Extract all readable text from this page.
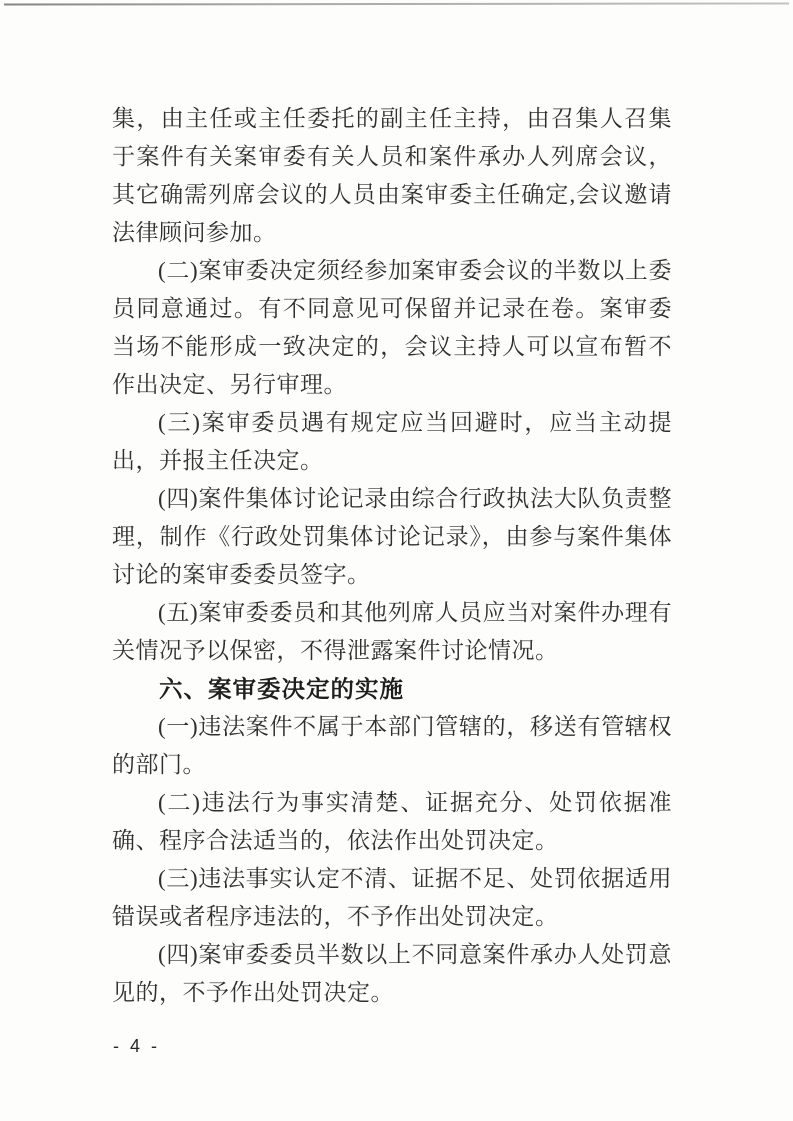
集，由主任或主任委托的副主任主持，由召集人召集于案件有关案审委有关人员和案件承办人列席会议，其它确需列席会议的人员由案审委主任确定,会议邀请法律顾问参加。

(二)案审委决定须经参加案审委会议的半数以上委员同意通过。有不同意见可保留并记录在卷。案审委当场不能形成一致决定的，会议主持人可以宣布暂不作出决定、另行审理。

(三)案审委员遇有规定应当回避时，应当主动提出，并报主任决定。

(四)案件集体讨论记录由综合行政执法大队负责整理，制作《行政处罚集体讨论记录》，由参与案件集体讨论的案审委委员签字。

(五)案审委委员和其他列席人员应当对案件办理有关情况予以保密，不得泄露案件讨论情况。

六、案审委决定的实施

(一)违法案件不属于本部门管辖的，移送有管辖权的部门。

(二)违法行为事实清楚、证据充分、处罚依据准确、程序合法适当的，依法作出处罚决定。

(三)违法事实认定不清、证据不足、处罚依据适用错误或者程序违法的，不予作出处罚决定。

(四)案审委委员半数以上不同意案件承办人处罚意见的，不予作出处罚决定。

- 4 -
